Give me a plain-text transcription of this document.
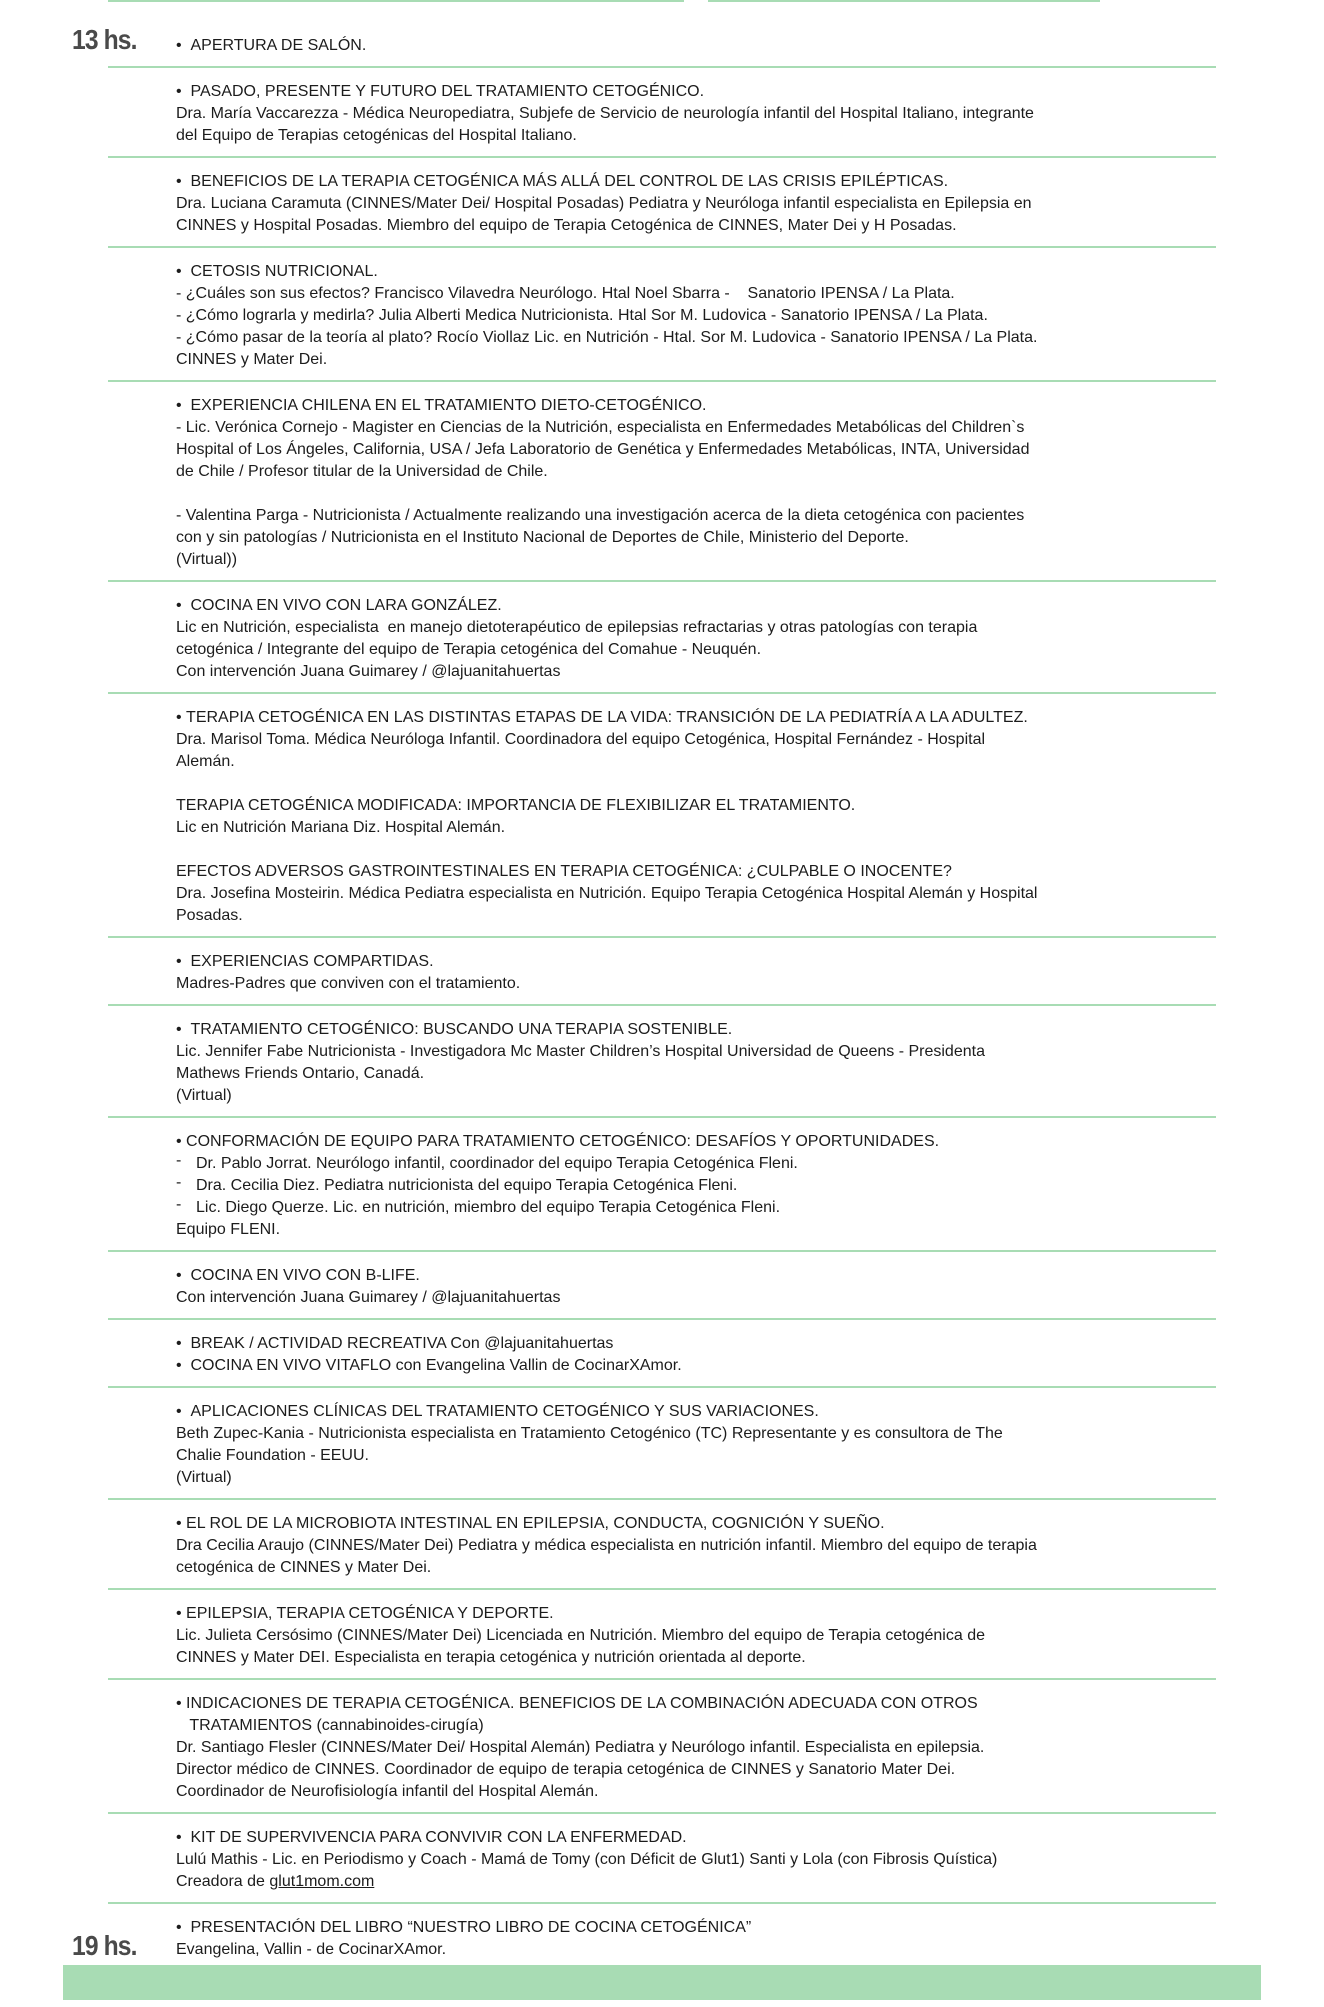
13 hs.
19 hs.
•  APERTURA DE SALÓN.
•  PASADO, PRESENTE Y FUTURO DEL TRATAMIENTO CETOGÉNICO.
Dra. María Vaccarezza - Médica Neuropediatra, Subjefe de Servicio de neurología infantil del Hospital Italiano, integrante
del Equipo de Terapias cetogénicas del Hospital Italiano.
•  BENEFICIOS DE LA TERAPIA CETOGÉNICA MÁS ALLÁ DEL CONTROL DE LAS CRISIS EPILÉPTICAS.
Dra. Luciana Caramuta (CINNES/Mater Dei/ Hospital Posadas) Pediatra y Neuróloga infantil especialista en Epilepsia en
CINNES y Hospital Posadas. Miembro del equipo de Terapia Cetogénica de CINNES, Mater Dei y H Posadas.
•  CETOSIS NUTRICIONAL.
- ¿Cuáles son sus efectos? Francisco Vilavedra Neurólogo. Htal Noel Sbarra -    Sanatorio IPENSA / La Plata.
- ¿Cómo lograrla y medirla? Julia Alberti Medica Nutricionista. Htal Sor M. Ludovica - Sanatorio IPENSA / La Plata.
- ¿Cómo pasar de la teoría al plato? Rocío Viollaz Lic. en Nutrición - Htal. Sor M. Ludovica - Sanatorio IPENSA / La Plata.
CINNES y Mater Dei.
•  EXPERIENCIA CHILENA EN EL TRATAMIENTO DIETO-CETOGÉNICO.
- Lic. Verónica Cornejo - Magister en Ciencias de la Nutrición, especialista en Enfermedades Metabólicas del Children`s
Hospital of Los Ángeles, California, USA / Jefa Laboratorio de Genética y Enfermedades Metabólicas, INTA, Universidad
de Chile / Profesor titular de la Universidad de Chile.
- Valentina Parga - Nutricionista / Actualmente realizando una investigación acerca de la dieta cetogénica con pacientes
con y sin patologías / Nutricionista en el Instituto Nacional de Deportes de Chile, Ministerio del Deporte.
(Virtual))
•  COCINA EN VIVO CON LARA GONZÁLEZ.
Lic en Nutrición, especialista  en manejo dietoterapéutico de epilepsias refractarias y otras patologías con terapia
cetogénica / Integrante del equipo de Terapia cetogénica del Comahue - Neuquén.
Con intervención Juana Guimarey / @lajuanitahuertas
• TERAPIA CETOGÉNICA EN LAS DISTINTAS ETAPAS DE LA VIDA: TRANSICIÓN DE LA PEDIATRÍA A LA ADULTEZ.
Dra. Marisol Toma. Médica Neuróloga Infantil. Coordinadora del equipo Cetogénica, Hospital Fernández - Hospital
Alemán.
TERAPIA CETOGÉNICA MODIFICADA: IMPORTANCIA DE FLEXIBILIZAR EL TRATAMIENTO.
Lic en Nutrición Mariana Diz. Hospital Alemán.
EFECTOS ADVERSOS GASTROINTESTINALES EN TERAPIA CETOGÉNICA: ¿CULPABLE O INOCENTE?
Dra. Josefina Mosteirin. Médica Pediatra especialista en Nutrición. Equipo Terapia Cetogénica Hospital Alemán y Hospital
Posadas.
•  EXPERIENCIAS COMPARTIDAS.
Madres-Padres que conviven con el tratamiento.
•  TRATAMIENTO CETOGÉNICO: BUSCANDO UNA TERAPIA SOSTENIBLE.
Lic. Jennifer Fabe Nutricionista - Investigadora Mc Master Children’s Hospital Universidad de Queens - Presidenta
Mathews Friends Ontario, Canadá.
(Virtual)
• CONFORMACIÓN DE EQUIPO PARA TRATAMIENTO CETOGÉNICO: DESAFÍOS Y OPORTUNIDADES.
- Dr. Pablo Jorrat. Neurólogo infantil, coordinador del equipo Terapia Cetogénica Fleni.
- Dra. Cecilia Diez. Pediatra nutricionista del equipo Terapia Cetogénica Fleni.
- Lic. Diego Querze. Lic. en nutrición, miembro del equipo Terapia Cetogénica Fleni.
Equipo FLENI.
•  COCINA EN VIVO CON B-LIFE.
Con intervención Juana Guimarey / @lajuanitahuertas
•  BREAK / ACTIVIDAD RECREATIVA Con @lajuanitahuertas
•  COCINA EN VIVO VITAFLO con Evangelina Vallin de CocinarXAmor.
•  APLICACIONES CLÍNICAS DEL TRATAMIENTO CETOGÉNICO Y SUS VARIACIONES.
Beth Zupec-Kania - Nutricionista especialista en Tratamiento Cetogénico (TC) Representante y es consultora de The
Chalie Foundation - EEUU.
(Virtual)
• EL ROL DE LA MICROBIOTA INTESTINAL EN EPILEPSIA, CONDUCTA, COGNICIÓN Y SUEÑO.
Dra Cecilia Araujo (CINNES/Mater Dei) Pediatra y médica especialista en nutrición infantil. Miembro del equipo de terapia
cetogénica de CINNES y Mater Dei.
• EPILEPSIA, TERAPIA CETOGÉNICA Y DEPORTE.
Lic. Julieta Cersósimo (CINNES/Mater Dei) Licenciada en Nutrición. Miembro del equipo de Terapia cetogénica de
CINNES y Mater DEI. Especialista en terapia cetogénica y nutrición orientada al deporte.
• INDICACIONES DE TERAPIA CETOGÉNICA. BENEFICIOS DE LA COMBINACIÓN ADECUADA CON OTROS
TRATAMIENTOS (cannabinoides-cirugía)
Dr. Santiago Flesler (CINNES/Mater Dei/ Hospital Alemán) Pediatra y Neurólogo infantil. Especialista en epilepsia.
Director médico de CINNES. Coordinador de equipo de terapia cetogénica de CINNES y Sanatorio Mater Dei.
Coordinador de Neurofisiología infantil del Hospital Alemán.
•  KIT DE SUPERVIVENCIA PARA CONVIVIR CON LA ENFERMEDAD.
Lulú Mathis - Lic. en Periodismo y Coach - Mamá de Tomy (con Déficit de Glut1) Santi y Lola (con Fibrosis Quística)
Creadora de glut1mom.com
•  PRESENTACIÓN DEL LIBRO “NUESTRO LIBRO DE COCINA CETOGÉNICA”
Evangelina, Vallin - de CocinarXAmor.
•
